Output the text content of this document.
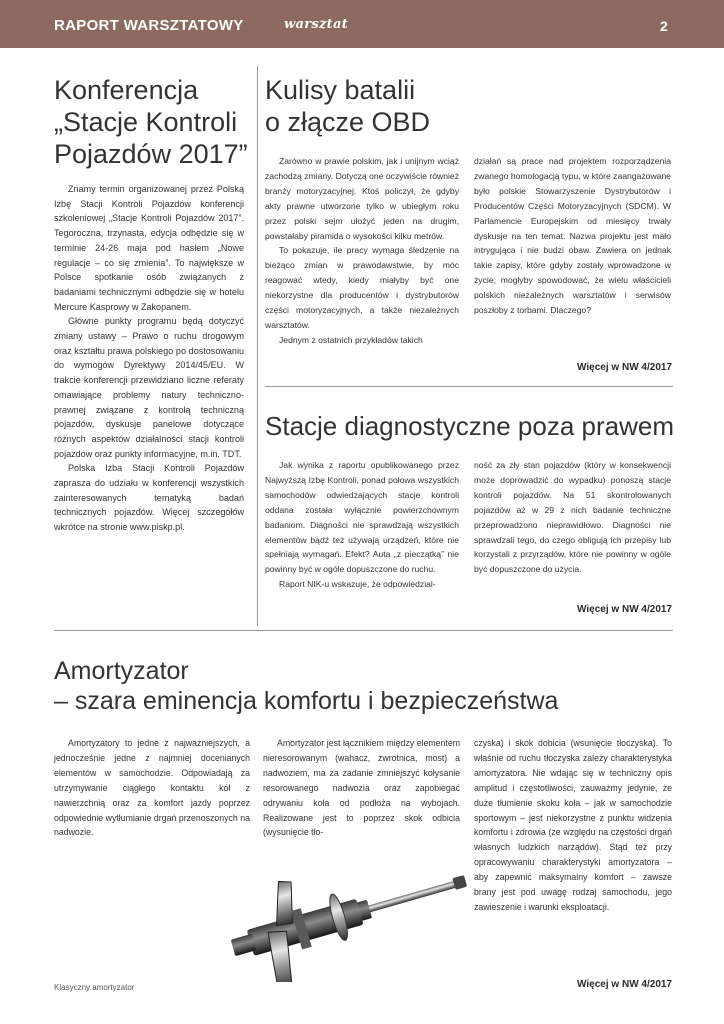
RAPORT WARSZTATOWY	warsztat	2
Konferencja
„Stacje Kontroli
Pojazdów 2017”

Znamy termin organizowanej przez Polską Izbę Stacji Kontroli Pojazdów konferencji szkoleniowej „Stacje Kontroli Pojazdów 2017”. Tegoroczna, trzynasta, edycja odbędzie się w terminie 24-26 maja pod hasłem „Nowe regulacje – co się zmienia”. To największe w Polsce spotkanie osób związanych z badaniami technicznymi odbędzie się w hotelu Mercure Kasprowy w Zakopanem.

Główne punkty programu będą dotyczyć zmiany ustawy – Prawo o ruchu drogowym oraz kształtu prawa polskiego po dostosowaniu do wymogów Dyrektywy 2014/45/EU. W trakcie konferencji przewidziano liczne referaty omawiające problemy natury techniczno-prawnej związane z kontrolą techniczną pojazdów, dyskusje panelowe dotyczące różnych aspektów działalności stacji kontroli pojazdów oraz punkty informacyjne, m.in. TDT.

Polska Izba Stacji Kontroli Pojazdów zaprasza do udziału w konferencji wszystkich zainteresowanych tematyką badań technicznych pojazdów. Więcej szczegółów wkrótce na stronie www.piskp.pl.

Kulisy batalii
o złącze OBD

Zarówno w prawie polskim, jak i unijnym wciąż zachodzą zmiany. Dotyczą one oczywiście również branży motoryzacyjnej. Ktoś policzył, że gdyby akty prawne utworzone tylko w ubiegłym roku przez polski sejm ułożyć jeden na drugim, powstałaby piramida o wysokości kilku metrów.

To pokazuje, ile pracy wymaga śledzenie na bieżąco zmian w prawodawstwie, by móc reagować wtedy, kiedy miałyby być one niekorzystne dla producentów i dystrybutorów części motoryzacyjnych, a także niezależnych warsztatów.

Jednym z ostatnich przykładów takich

działań są prace nad projektem rozporządzenia zwanego homologacją typu, w które zaangażowane było polskie Stowarzyszenie Dystrybutorów i Producentów Części Motoryzacyjnych (SDCM). W Parlamencie Europejskim od miesięcy trwały dyskusje na ten temat. Nazwa projektu jest mało intrygująca i nie budzi obaw. Zawiera on jednak takie zapisy, które gdyby zostały wprowadzone w życie, mogłyby spowodować, że wielu właścicieli polskich niezależnych warsztatów i serwisów poszłoby z torbami. Dlaczego?

Więcej w NW 4/2017
Stacje diagnostyczne poza prawem

Jak wynika z raportu opublikowanego przez Najwyższą Izbę Kontroli, ponad połowa wszystkich samochodów odwiedzających stacje kontroli oddana została wyłącznie powierzchownym badaniom. Diagności nie sprawdzają wszystkich elementów bądź też używają urządzeń, które nie spełniają wymagań. Efekt? Auta „z pieczątką” nie powinny być w ogóle dopuszczone do ruchu.

Raport NIK-u wskazuje, że odpowiedzial-

ność za zły stan pojazdów (który w konsekwencji może doprowadzić do wypadku) ponoszą stacje kontroli pojazdów. Na 51 skontrolowanych pojazdów aż w 29 z nich badanie techniczne przeprowadzono nieprawidłowo. Diagności nie sprawdzali tego, do czego obligują ich przepisy lub korzystali z przyrządów, które nie powinny w ogóle być dopuszczone do użycia.

Więcej w NW 4/2017
Amortyzator
– szara eminencja komfortu i bezpieczeństwa

Amortyzatory to jedne z najważniejszych, a jednocześnie jedne z najmniej docenianych elementów w samochodzie. Odpowiadają za utrzymywanie ciągłego kontaktu kół z nawierzchnią oraz za komfort jazdy poprzez odpowiednie wytłumianie drgań przenoszonych na nadwozie.

Amortyzator jest łącznikiem między elementem nieresorowanym (wahacz, zwrotnica, most) a nadwoziem, ma za zadanie zmniejszyć kołysanie resorowanego nadwozia oraz zapobiegać odrywaniu koła od podłoża na wybojach. Realizowane jest to poprzez skok odbicia (wysunięcie tło-

czyska) i skok dobicia (wsunięcie tłoczyska). To właśnie od ruchu tłoczyska zależy charakterystyka amortyzatora. Nie wdając się w techniczny opis amplitud i częstotliwości, zauważmy jedynie, że duże tłumienie skoku koła – jak w samochodzie sportowym – jest niekorzystne z punktu widzenia komfortu i zdrowia (ze względu na częstości drgań własnych ludzkich narządów). Stąd też przy opracowywaniu charakterystyki amortyzatora – aby zapewnić maksymalny komfort – zawsze brany jest pod uwagę rodzaj samochodu, jego zawieszenie i warunki eksploatacji.

Klasyczny amortyzator	Więcej w NW 4/2017
